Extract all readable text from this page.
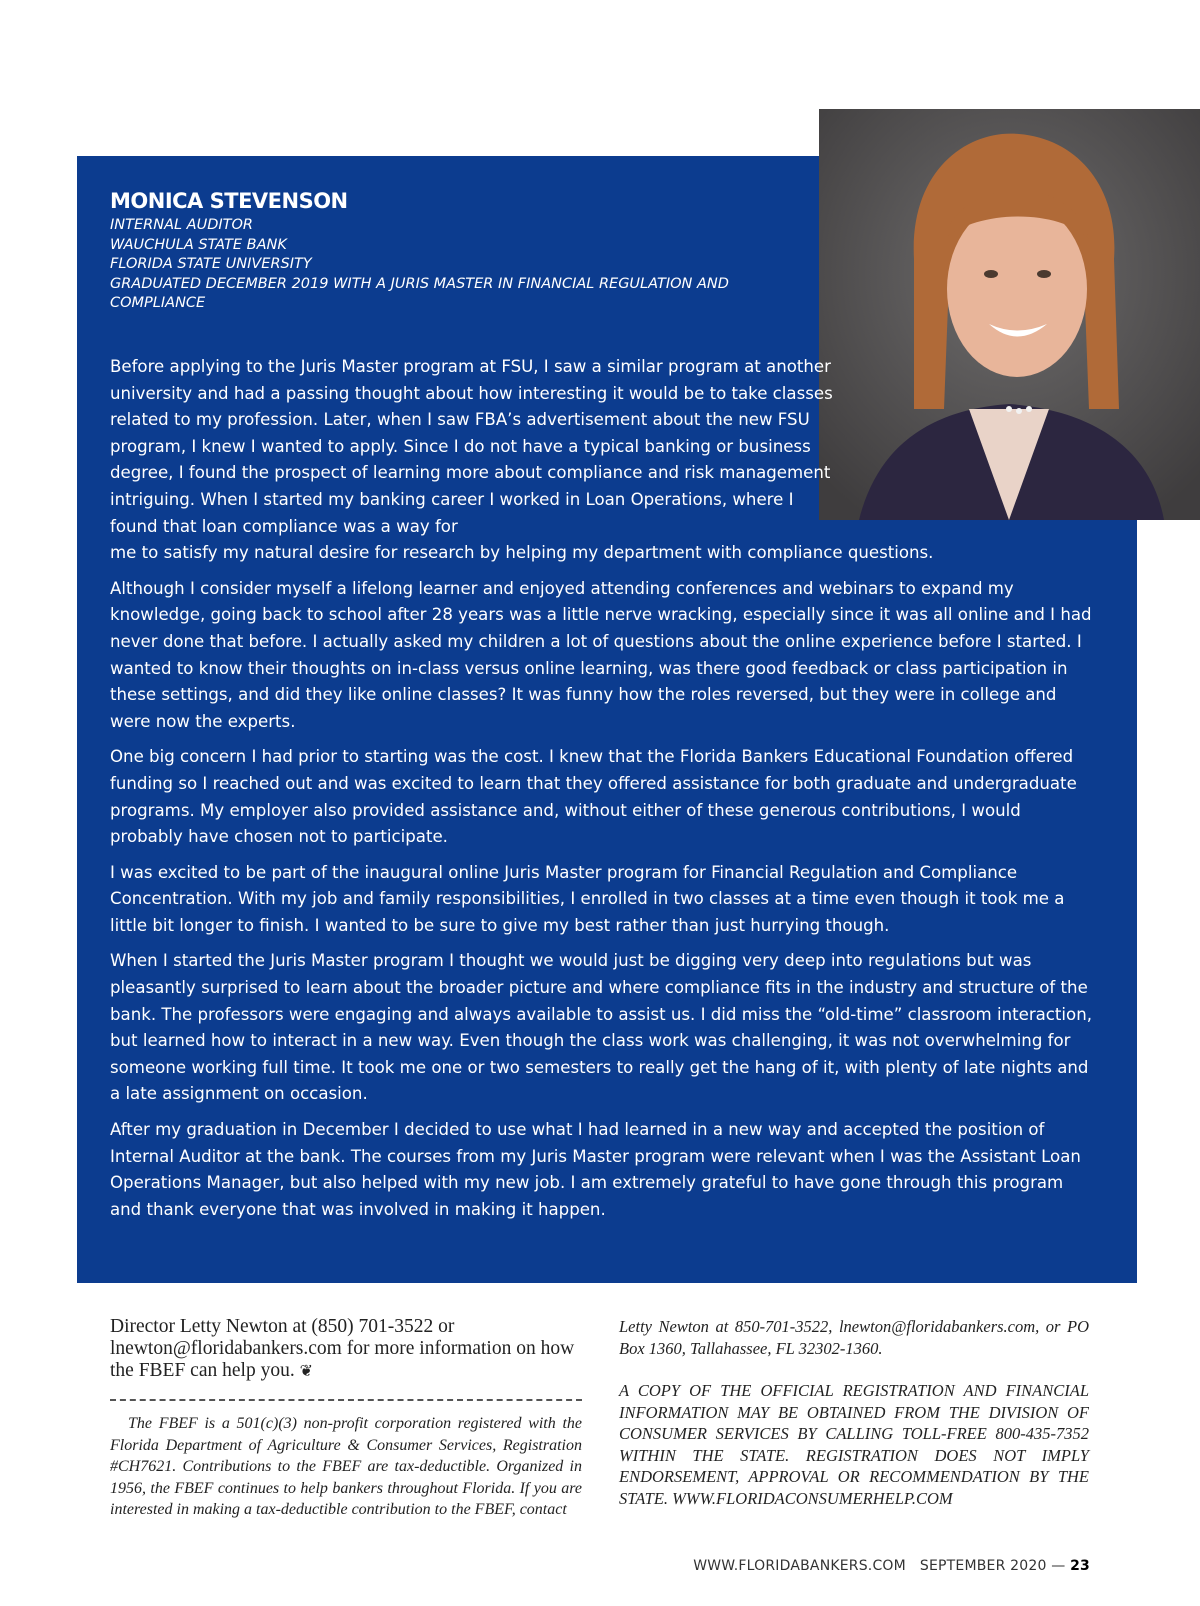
MONICA STEVENSON
INTERNAL AUDITOR
WAUCHULA STATE BANK
FLORIDA STATE UNIVERSITY
GRADUATED DECEMBER 2019 WITH A JURIS MASTER IN FINANCIAL REGULATION AND
COMPLIANCE

Before applying to the Juris Master program at FSU, I saw a similar program at another university and had a passing thought about how interesting it would be to take classes related to my profession. Later, when I saw FBA’s advertisement about the new FSU program, I knew I wanted to apply. Since I do not have a typical banking or business degree, I found the prospect of learning more about compliance and risk management intriguing. When I started my banking career I worked in Loan Operations, where I found that loan compliance was a way for
me to satisfy my natural desire for research by helping my department with compliance questions.

Although I consider myself a lifelong learner and enjoyed attending conferences and webinars to expand my knowledge, going back to school after 28 years was a little nerve wracking, especially since it was all online and I had never done that before. I actually asked my children a lot of questions about the online experience before I started. I wanted to know their thoughts on in-class versus online learning, was there good feedback or class participation in these settings, and did they like online classes? It was funny how the roles reversed, but they were in college and were now the experts.

One big concern I had prior to starting was the cost. I knew that the Florida Bankers Educational Foundation offered funding so I reached out and was excited to learn that they offered assistance for both graduate and undergraduate programs. My employer also provided assistance and, without either of these generous contributions, I would probably have chosen not to participate.

I was excited to be part of the inaugural online Juris Master program for Financial Regulation and Compliance Concentration. With my job and family responsibilities, I enrolled in two classes at a time even though it took me a little bit longer to finish. I wanted to be sure to give my best rather than just hurrying though.

When I started the Juris Master program I thought we would just be digging very deep into regulations but was pleasantly surprised to learn about the broader picture and where compliance fits in the industry and structure of the bank. The professors were engaging and always available to assist us. I did miss the “old-time” classroom interaction, but learned how to interact in a new way. Even though the class work was challenging, it was not overwhelming for someone working full time. It took me one or two semesters to really get the hang of it, with plenty of late nights and a late assignment on occasion.

After my graduation in December I decided to use what I had learned in a new way and accepted the position of Internal Auditor at the bank. The courses from my Juris Master program were relevant when I was the Assistant Loan Operations Manager, but also helped with my new job. I am extremely grateful to have gone through this program and thank everyone that was involved in making it happen.

Director Letty Newton at (850) 701-3522 or lnewton@floridabankers.com for more information on how the FBEF can help you. ❦

The FBEF is a 501(c)(3) non-profit corporation registered with the Florida Department of Agriculture & Consumer Services, Registration #CH7621. Contributions to the FBEF are tax-deductible. Organized in 1956, the FBEF continues to help bankers throughout Florida. If you are interested in making a tax-deductible contribution to the FBEF, contact

Letty Newton at 850-701-3522, lnewton@floridabankers.com, or PO Box 1360, Tallahassee, FL 32302-1360.

A COPY OF THE OFFICIAL REGISTRATION AND FINANCIAL INFORMATION MAY BE OBTAINED FROM THE DIVISION OF CONSUMER SERVICES BY CALLING TOLL-FREE 800-435-7352 WITHIN THE STATE. REGISTRATION DOES NOT IMPLY ENDORSEMENT, APPROVAL OR RECOMMENDATION BY THE STATE. WWW.FLORIDACONSUMERHELP.COM

WWW.FLORIDABANKERS.COM SEPTEMBER 2020 — 23
